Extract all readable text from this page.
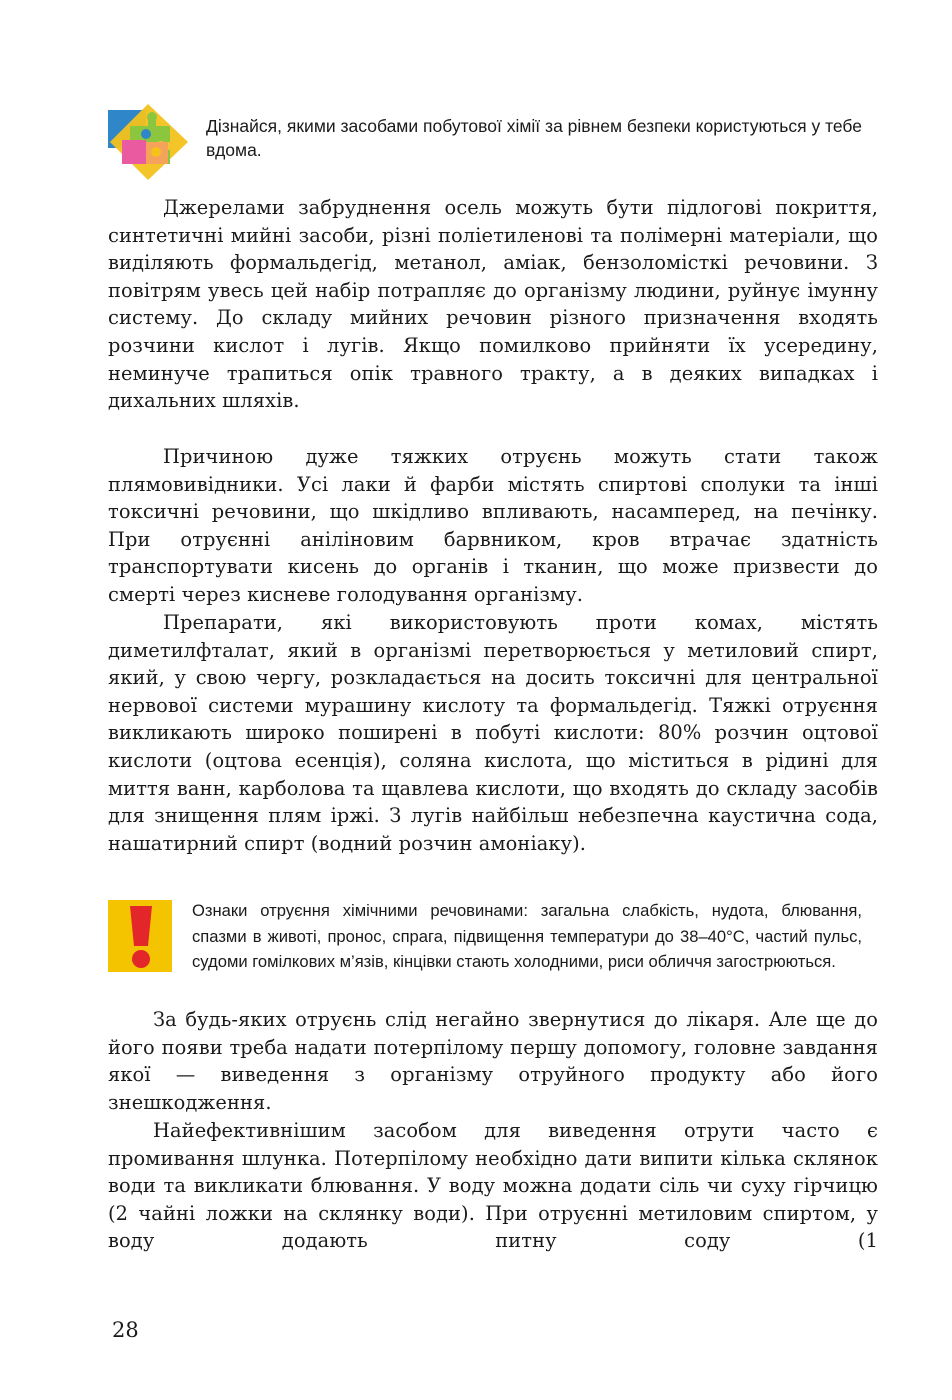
Дізнайся, якими засобами побутової хімії за рівнем безпеки користуються у тебе вдома.

Джерелами забруднення осель можуть бути підлогові покриття, синтетичні мийні засоби, різні поліетиленові та полімерні матеріали, що виділяють формальдегід, метанол, аміак, бензоломісткі речовини. З повітрям увесь цей набір потрапляє до організму людини, руйнує імунну систему. До складу мийних речовин різного призначення входять розчини кислот і лугів. Якщо помилково прийняти їх усередину, неминуче трапиться опік травного тракту, а в деяких випадках і дихальних шляхів.

Причиною дуже тяжких отруєнь можуть стати також плямовивідники. Усі лаки й фарби містять спиртові сполуки та інші токсичні речовини, що шкідливо впливають, насамперед, на печінку. При отруєнні аніліновим барвником, кров втрачає здатність транспортувати кисень до органів і тканин, що може призвести до смерті через кисневе голодування організму.

Препарати, які використовують проти комах, містять диметилфталат, який в організмі перетворюється у метиловий спирт, який, у свою чергу, розкладається на досить токсичні для центральної нервової системи мурашину кислоту та формальдегід. Тяжкі отруєння викликають широко поширені в побуті кислоти: 80% розчин оцтової кислоти (оцтова есенція), соляна кислота, що міститься в рідині для миття ванн, карболова та щавлева кислоти, що входять до складу засобів для знищення плям іржі. З лугів найбільш небезпечна каустична сода, нашатирний спирт (водний розчин амоніаку).

Ознаки отруєння хімічними речовинами: загальна слабкість, нудота, блювання, спазми в животі, пронос, спрага, підвищення температури до 38–40°С, частий пульс, судоми гомілкових м’язів, кінцівки стають холодними, риси обличчя загострюються.

За будь-яких отруєнь слід негайно звернутися до лікаря. Але ще до його появи треба надати потерпілому першу допомогу, головне завдання якої — виведення з організму отруйного продукту або його знешкодження.

Найефективнішим засобом для виведення отрути часто є промивання шлунка. Потерпілому необхідно дати випити кілька склянок води та викликати блювання. У воду можна додати сіль чи суху гірчицю (2 чайні ложки на склянку води). При отруєнні метиловим спиртом, у воду додають питну соду (1

28
